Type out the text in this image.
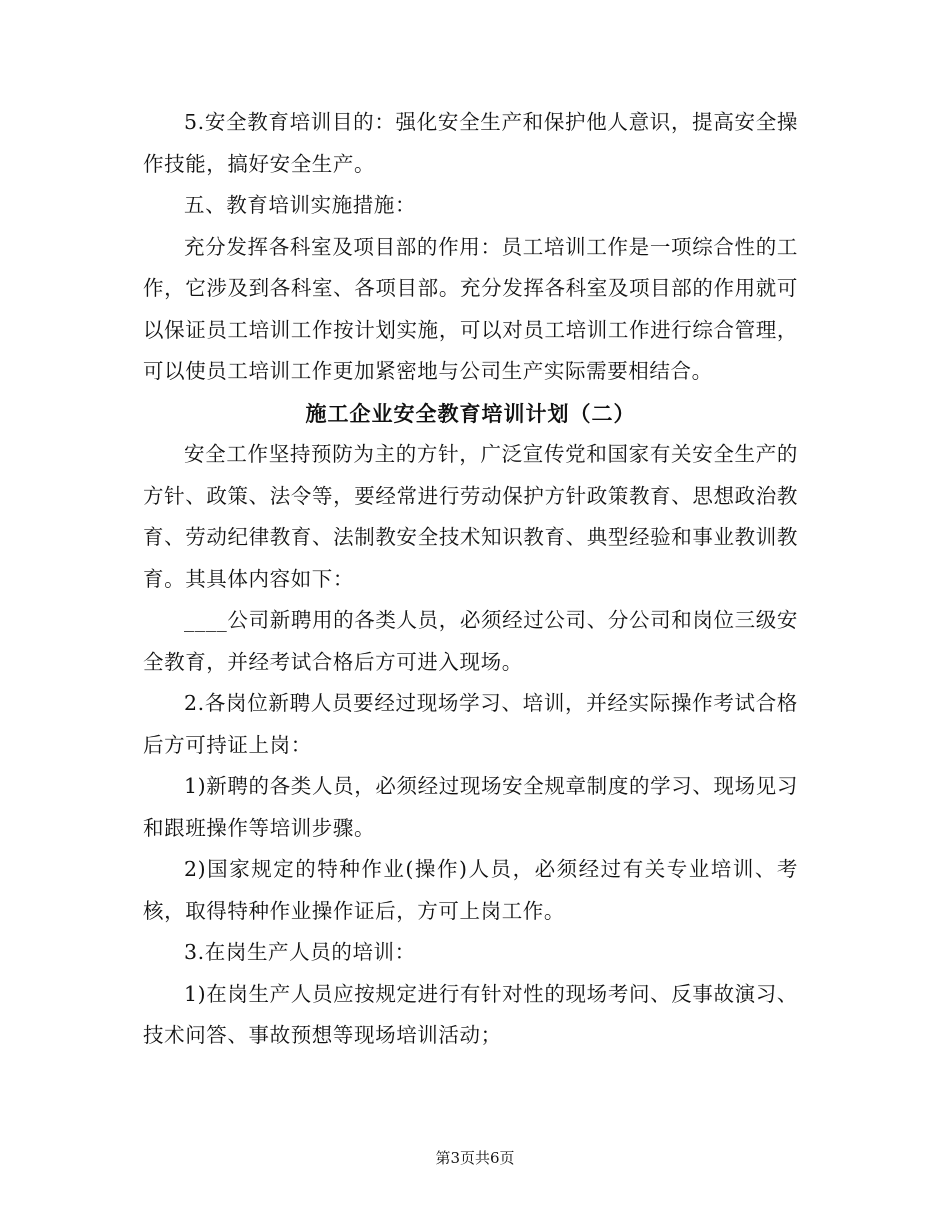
5.安全教育培训目的：强化安全生产和保护他人意识，提高安全操作技能，搞好安全生产。

五、教育培训实施措施：

充分发挥各科室及项目部的作用：员工培训工作是一项综合性的工作，它涉及到各科室、各项目部。充分发挥各科室及项目部的作用就可以保证员工培训工作按计划实施，可以对员工培训工作进行综合管理，可以使员工培训工作更加紧密地与公司生产实际需要相结合。

施工企业安全教育培训计划（二）

安全工作坚持预防为主的方针，广泛宣传党和国家有关安全生产的方针、政策、法令等，要经常进行劳动保护方针政策教育、思想政治教育、劳动纪律教育、法制教安全技术知识教育、典型经验和事业教训教育。其具体内容如下：

____公司新聘用的各类人员，必须经过公司、分公司和岗位三级安全教育，并经考试合格后方可进入现场。

2.各岗位新聘人员要经过现场学习、培训，并经实际操作考试合格后方可持证上岗：

1)新聘的各类人员，必须经过现场安全规章制度的学习、现场见习和跟班操作等培训步骤。

2)国家规定的特种作业(操作)人员，必须经过有关专业培训、考核，取得特种作业操作证后，方可上岗工作。

3.在岗生产人员的培训：

1)在岗生产人员应按规定进行有针对性的现场考问、反事故演习、技术问答、事故预想等现场培训活动；

第3页共6页
